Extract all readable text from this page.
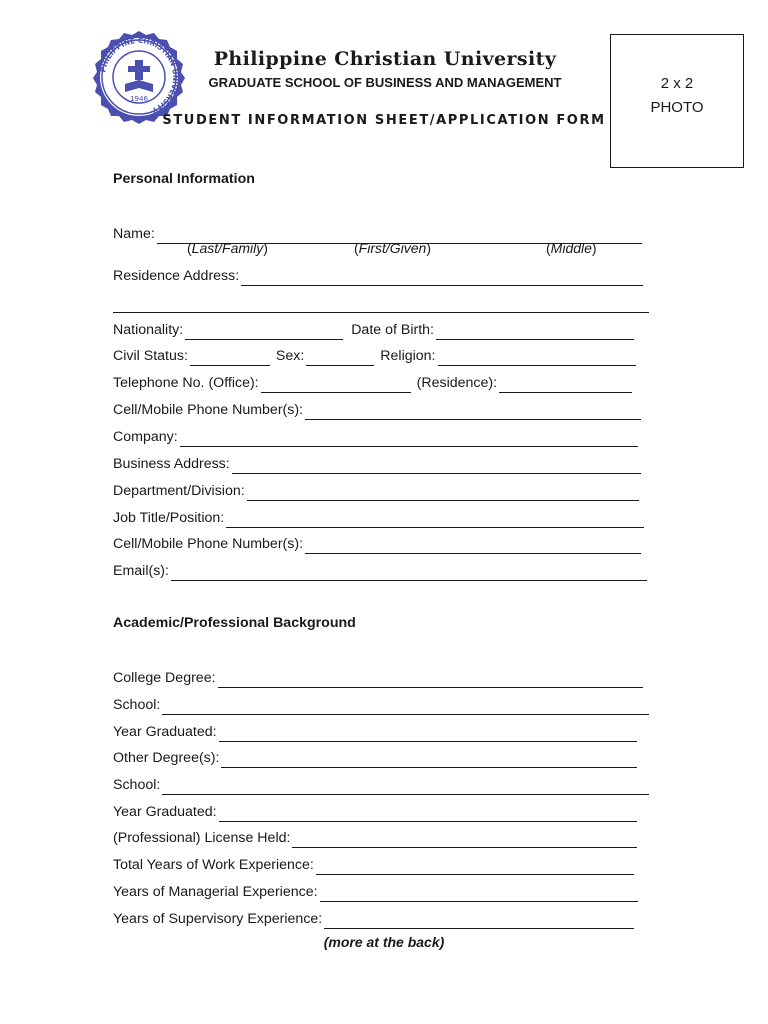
PHILIPPINE CHRISTIAN UNIVERSITY
1946
Philippine Christian University
GRADUATE SCHOOL OF BUSINESS AND MANAGEMENT
STUDENT INFORMATION SHEET/APPLICATION FORM
2 x 2
PHOTO
Personal Information
Name:
(Last/Family)	(First/Given)	(Middle)
Residence Address:
Nationality:	Date of Birth:
Civil Status:	Sex:	Religion:
Telephone No. (Office):	(Residence):
Cell/Mobile Phone Number(s):
Company:
Business Address:
Department/Division:
Job Title/Position:
Cell/Mobile Phone Number(s):
Email(s):
Academic/Professional Background
College Degree:
School:
Year Graduated:
Other Degree(s):
School:
Year Graduated:
(Professional) License Held:
Total Years of Work Experience:
Years of Managerial Experience:
Years of Supervisory Experience:
(more at the back)
